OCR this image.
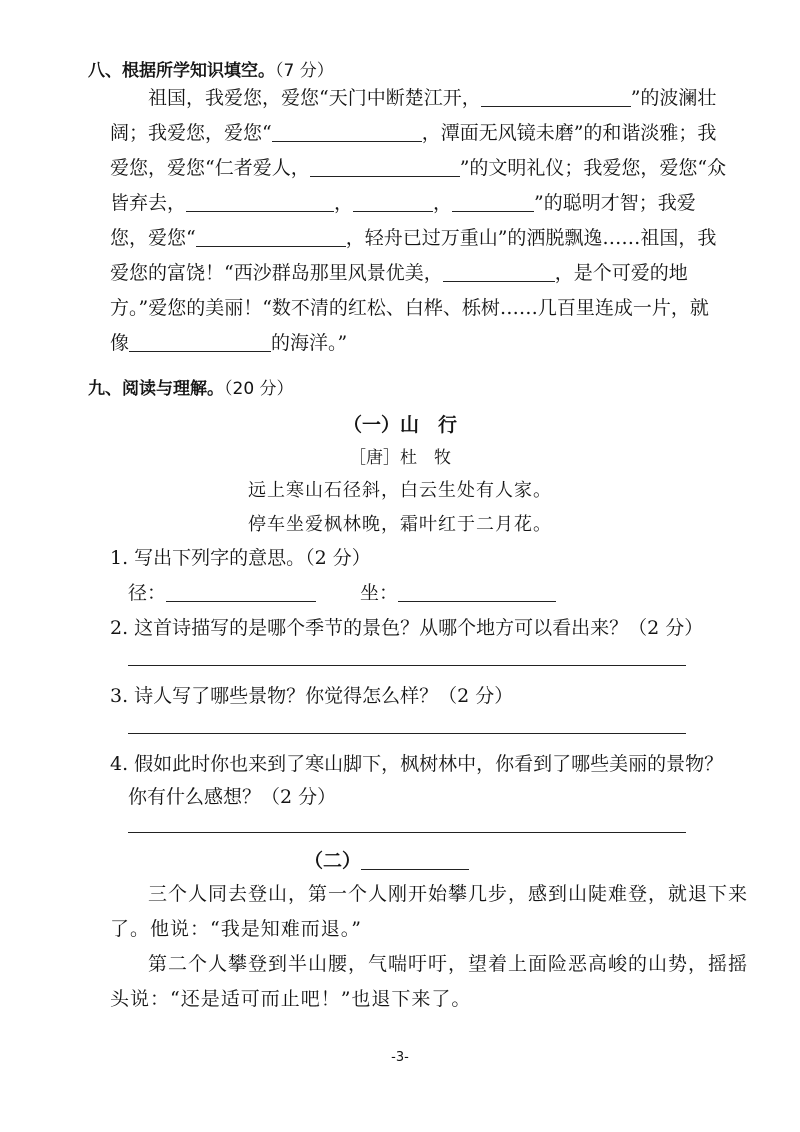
八、根据所学知识填空。（7 分）
祖国，我爱您，爱您“天门中断楚江开，	”的波澜壮
阔；我爱您，爱您“	，潭面无风镜未磨”的和谐淡雅；我
爱您，爱您“仁者爱人，	”的文明礼仪；我爱您，爱您“众
皆弃去，	，	，	”的聪明才智；我爱
您，爱您“	，轻舟已过万重山”的洒脱飘逸……祖国，我
爱您的富饶！“西沙群岛那里风景优美，	，是个可爱的地
方。”爱您的美丽！“数不清的红松、白桦、栎树……几百里连成一片，就
像	的海洋。”
九、阅读与理解。（20 分）
（一）山　行
［唐］杜　牧
远上寒山石径斜，白云生处有人家。
停车坐爱枫林晚，霜叶红于二月花。
1. 写出下列字的意思。（2 分）
径：	坐：
2. 这首诗描写的是哪个季节的景色？从哪个地方可以看出来？（2 分）
3. 诗人写了哪些景物？你觉得怎么样？（2 分）
4. 假如此时你也来到了寒山脚下，枫树林中，你看到了哪些美丽的景物？
你有什么感想？（2 分）
（二）
三个人同去登山，第一个人刚开始攀几步，感到山陡难登，就退下来
了。他说：“我是知难而退。”
第二个人攀登到半山腰，气喘吁吁，望着上面险恶高峻的山势，摇摇
头说：“还是适可而止吧！”也退下来了。
-3-
